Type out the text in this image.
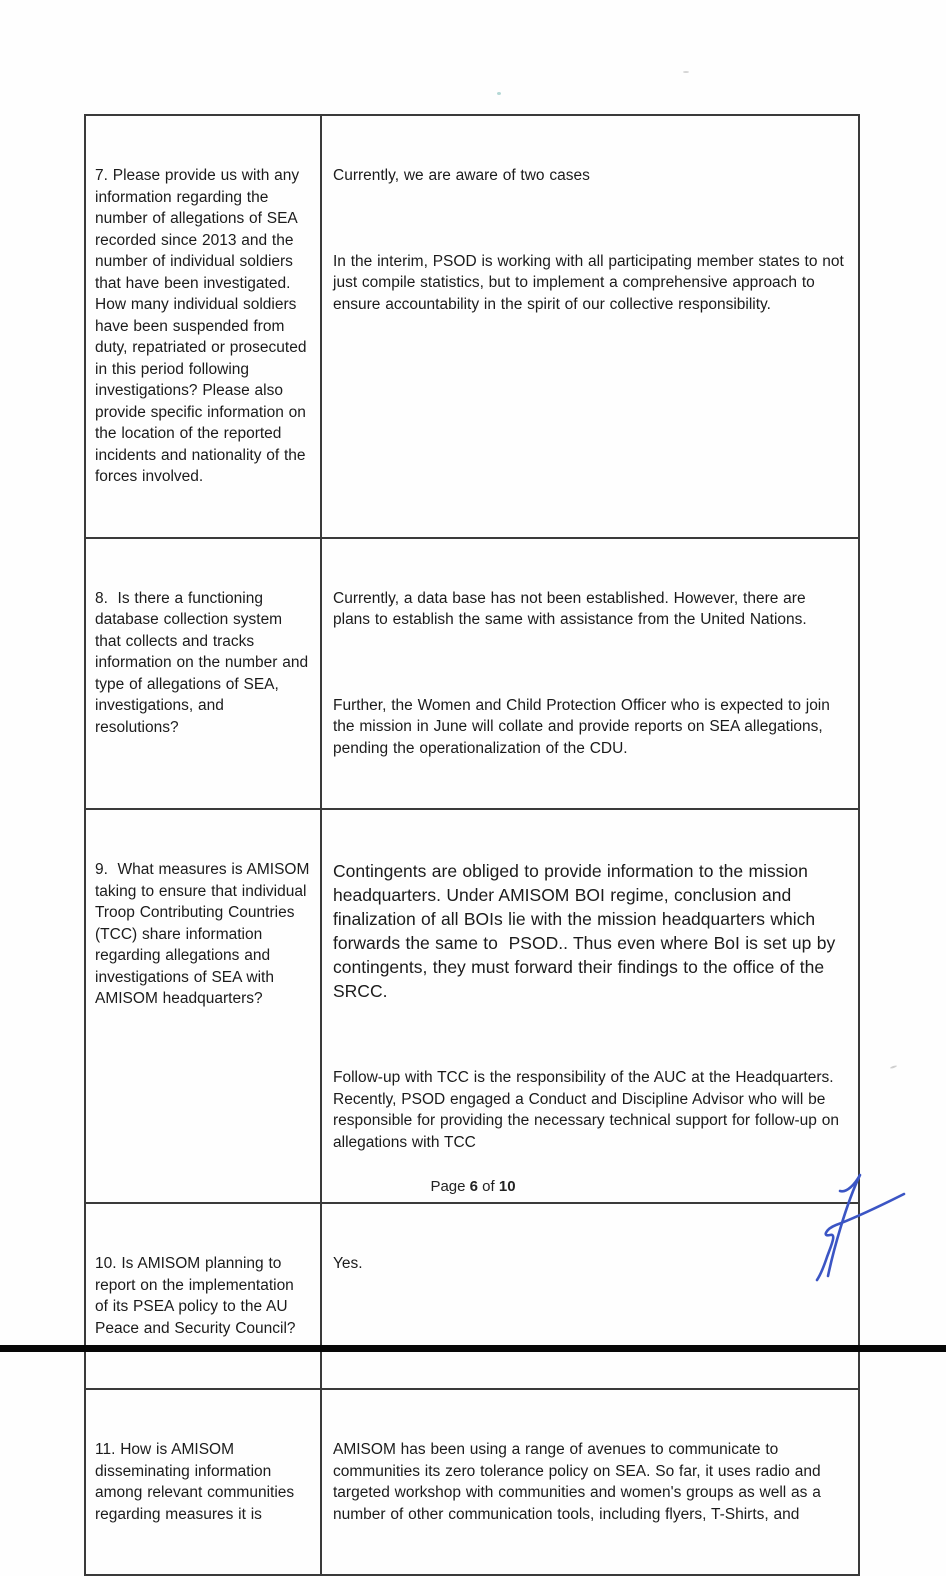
7. Please provide us with any information regarding the number of allegations of SEA recorded since 2013 and the number of individual soldiers that have been investigated. How many individual soldiers have been suspended from duty, repatriated or prosecuted in this period following investigations? Please also provide specific information on the location of the reported incidents and nationality of the forces involved.

Currently, we are aware of two cases

In the interim, PSOD is working with all participating member states to not just compile statistics, but to implement a comprehensive approach to ensure accountability in the spirit of our collective responsibility.

8.  Is there a functioning database collection system that collects and tracks information on the number and type of allegations of SEA, investigations, and resolutions?

Currently, a data base has not been established. However, there are plans to establish the same with assistance from the United Nations.

Further, the Women and Child Protection Officer who is expected to join the mission in June will collate and provide reports on SEA allegations, pending the operationalization of the CDU.

9.  What measures is AMISOM taking to ensure that individual Troop Contributing Countries (TCC) share information regarding allegations and investigations of SEA with AMISOM headquarters?

Contingents are obliged to provide information to the mission headquarters. Under AMISOM BOI regime, conclusion and finalization of all BOIs lie with the mission headquarters which forwards the same to  PSOD.. Thus even where BoI is set up by contingents, they must forward their findings to the office of the SRCC.

Follow-up with TCC is the responsibility of the AUC at the Headquarters. Recently, PSOD engaged a Conduct and Discipline Advisor who will be responsible for providing the necessary technical support for follow-up on allegations with TCC

10. Is AMISOM planning to report on the implementation of its PSEA policy to the AU Peace and Security Council?

Yes.

11. How is AMISOM disseminating information among relevant communities regarding measures it is

AMISOM has been using a range of avenues to communicate to communities its zero tolerance policy on SEA. So far, it uses radio and targeted workshop with communities and women's groups as well as a number of other communication tools, including flyers, T-Shirts, and

Page 6 of 10
